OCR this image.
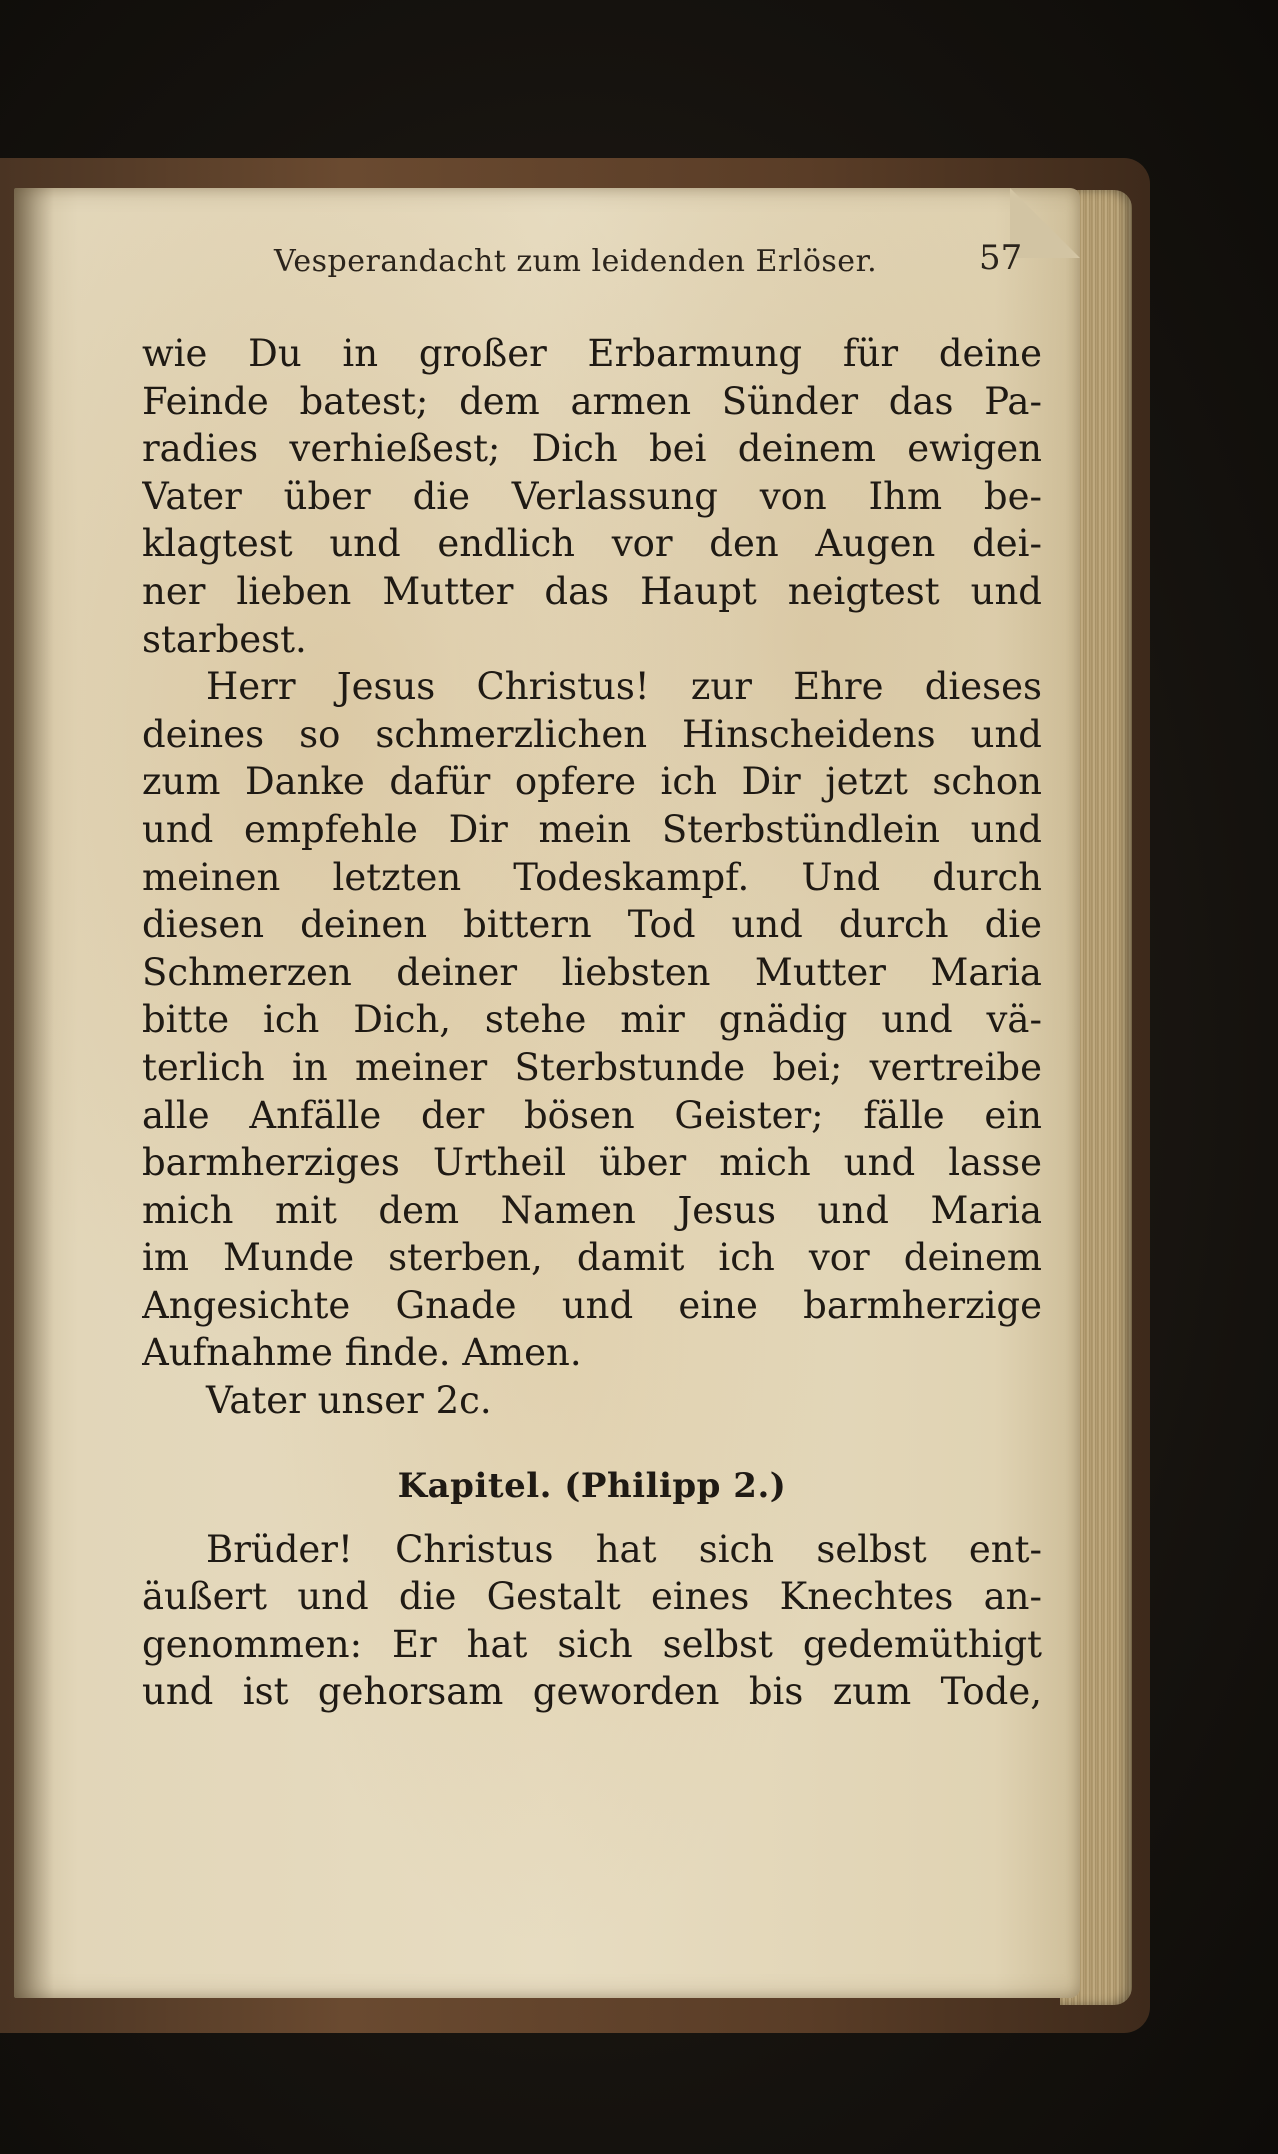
Vesperandacht zum leidenden Erlöser.	57
wie Du in großer Erbarmung für deine
Feinde batest; dem armen Sünder das Pa-
radies verhießest; Dich bei deinem ewigen
Vater über die Verlassung von Ihm be-
klagtest und endlich vor den Augen dei-
ner lieben Mutter das Haupt neigtest und
starbest.
Herr Jesus Christus! zur Ehre dieses
deines so schmerzlichen Hinscheidens und
zum Danke dafür opfere ich Dir jetzt schon
und empfehle Dir mein Sterbstündlein und
meinen letzten Todeskampf. Und durch
diesen deinen bittern Tod und durch die
Schmerzen deiner liebsten Mutter Maria
bitte ich Dich, stehe mir gnädig und vä-
terlich in meiner Sterbstunde bei; vertreibe
alle Anfälle der bösen Geister; fälle ein
barmherziges Urtheil über mich und lasse
mich mit dem Namen Jesus und Maria
im Munde sterben, damit ich vor deinem
Angesichte Gnade und eine barmherzige
Aufnahme finde. Amen.
Vater unser 2c.
Kapitel. (Philipp 2.)
Brüder! Christus hat sich selbst ent-
äußert und die Gestalt eines Knechtes an-
genommen: Er hat sich selbst gedemüthigt
und ist gehorsam geworden bis zum Tode,
